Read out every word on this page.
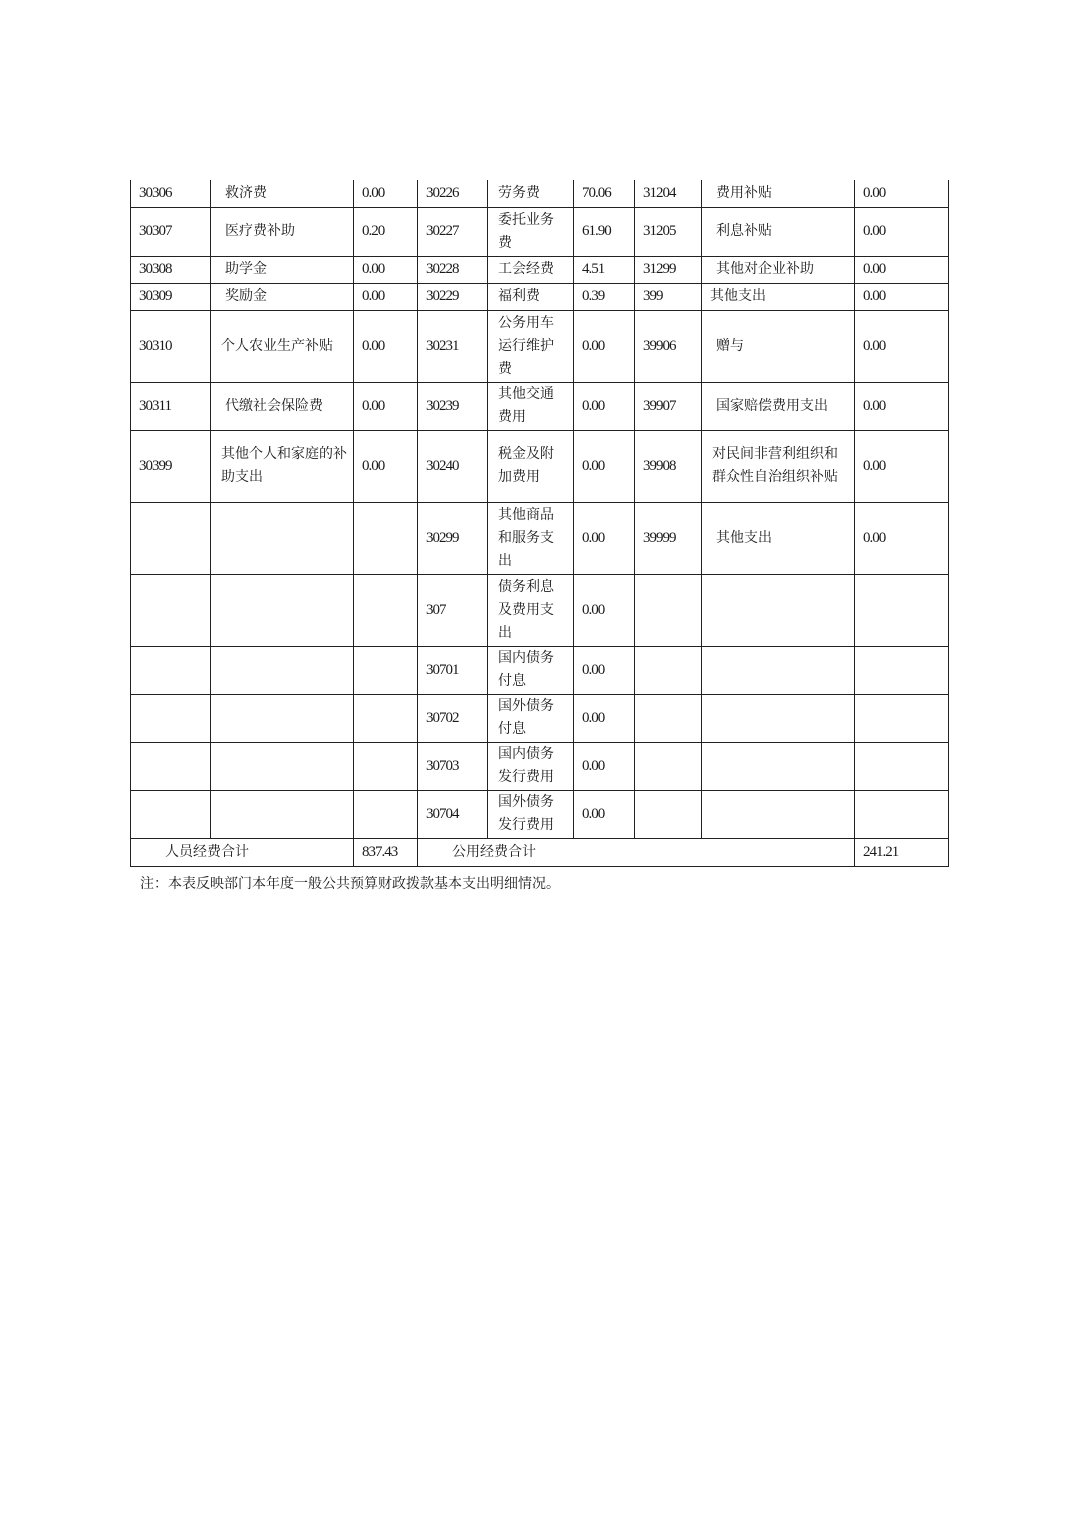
30306	救济费	0.00	30226	劳务费	70.06	31204	费用补贴	0.00
30307	医疗费补助	0.20	30227	委托业务费	61.90	31205	利息补贴	0.00
30308	助学金	0.00	30228	工会经费	4.51	31299	其他对企业补助	0.00
30309	奖励金	0.00	30229	福利费	0.39	399	其他支出	0.00
30310	个人农业生产补贴	0.00	30231	公务用车运行维护费	0.00	39906	赠与	0.00
30311	代缴社会保险费	0.00	30239	其他交通费用	0.00	39907	国家赔偿费用支出	0.00
30399	其他个人和家庭的补助支出	0.00	30240	税金及附加费用	0.00	39908	对民间非营利组织和群众性自治组织补贴	0.00
			30299	其他商品和服务支出	0.00	39999	其他支出	0.00
			307	债务利息及费用支出	0.00			
			30701	国内债务付息	0.00			
			30702	国外债务付息	0.00			
			30703	国内债务发行费用	0.00			
			30704	国外债务发行费用	0.00			
人员经费合计		837.43	公用经费合计					241.21
注：本表反映部门本年度一般公共预算财政拨款基本支出明细情况。
